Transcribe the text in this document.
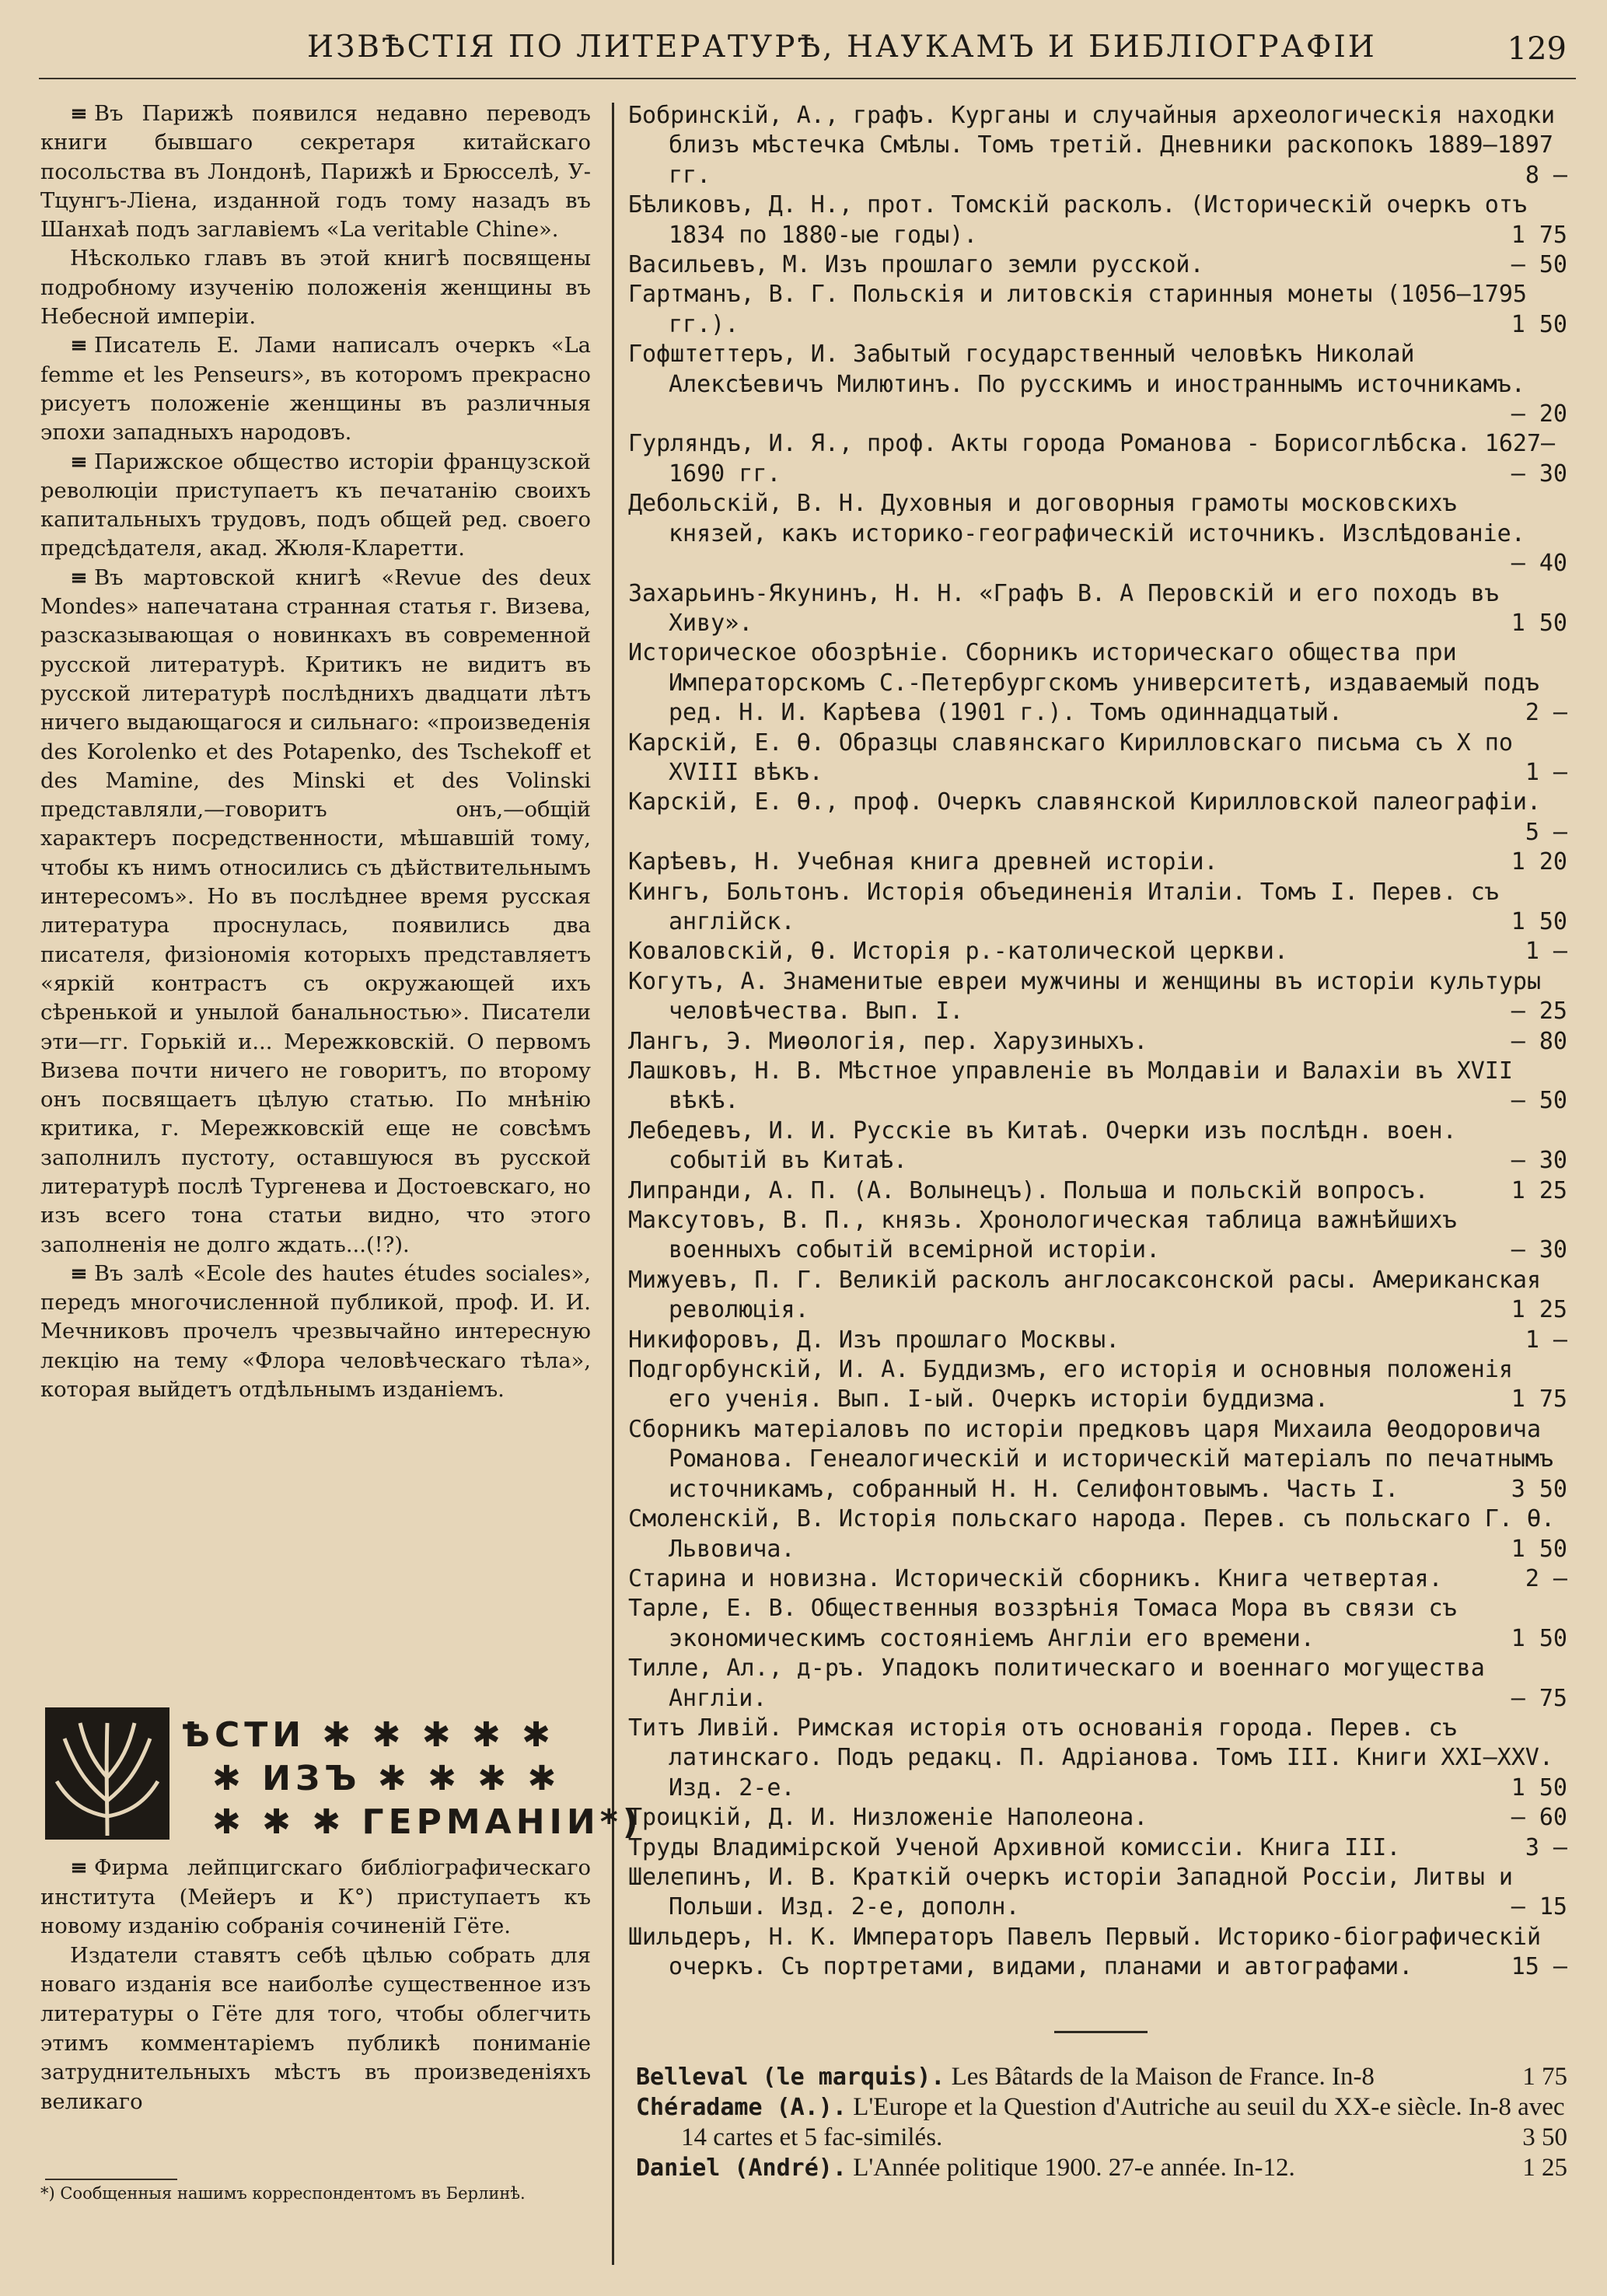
ИЗВѢСТІЯ ПО ЛИТЕРАТУРѢ, НАУКАМЪ И БИБЛІОГРАФІИ	129

≡ Въ Парижѣ появился недавно переводъ книги бывшаго секретаря китайскаго посольства въ Лондонѣ, Парижѣ и Брюсселѣ, У-Тцунгъ-Ліена, изданной годъ тому назадъ въ Шанхаѣ подъ заглавіемъ «La veritable Chine».

Нѣсколько главъ въ этой книгѣ посвящены подробному изученію положенія женщины въ Небесной имперіи.

≡ Писатель Е. Лами написалъ очеркъ «La femme et les Penseurs», въ которомъ прекрасно рисуетъ положеніе женщины въ различныя эпохи западныхъ народовъ.

≡ Парижское общество исторіи французской революціи приступаетъ къ печатанію своихъ капитальныхъ трудовъ, подъ общей ред. своего предсѣдателя, акад. Жюля-Кларетти.

≡ Въ мартовской книгѣ «Revue des deux Mondes» напечатана странная статья г. Визева, разсказывающая о новинкахъ въ современной русской литературѣ. Критикъ не видитъ въ русской литературѣ послѣднихъ двадцати лѣтъ ничего выдающагося и сильнаго: «произведенія des Korolenko et des Potapenko, des Tschekoff et des Mamine, des Minski et des Volinski представляли,—говоритъ онъ,—общій характеръ посредственности, мѣшавшій тому, чтобы къ нимъ относились съ дѣйствительнымъ интересомъ». Но въ послѣднее время русская литература проснулась, появились два писателя, физіономія которыхъ представляетъ «яркій контрастъ съ окружающей ихъ сѣренькой и унылой банальностью». Писатели эти—гг. Горькій и... Мережковскій. О первомъ Визева почти ничего не говоритъ, по второму онъ посвящаетъ цѣлую статью. По мнѣнію критика, г. Мережковскій еще не совсѣмъ заполнилъ пустоту, оставшуюся въ русской литературѣ послѣ Тургенева и Достоевскаго, но изъ всего тона статьи видно, что этого заполненія не долго ждать...(!?).

≡ Въ залѣ «Ecole des hautes études sociales», передъ многочисленной публикой, проф. И. И. Мечниковъ прочелъ чрезвычайно интересную лекцію на тему «Флора человѣческаго тѣла», которая выйдетъ отдѣльнымъ изданіемъ.

ѢСТИ ✱ ✱ ✱ ✱ ✱
✱ ИЗЪ ✱ ✱ ✱ ✱
✱ ✱ ✱ ГЕРМАНІИ*)

≡ Фирма лейпцигскаго библіографическаго института (Мейеръ и К°) приступаетъ къ новому изданію собранія сочиненій Гёте.

Издатели ставятъ себѣ цѣлью собрать для новаго изданія все наиболѣе существенное изъ литературы о Гёте для того, чтобы облегчить этимъ комментаріемъ публикѣ пониманіе затруднительныхъ мѣстъ въ произведеніяхъ великаго

*) Сообщенныя нашимъ корреспондентомъ въ Берлинѣ.
Бобринскій, А., графъ. Курганы и случайныя археологическія находки близъ мѣстечка Смѣлы. Томъ третій. Дневники раскопокъ 1889—1897 гг.	8 —
Бѣликовъ, Д. Н., прот. Томскій расколъ. (Историческій очеркъ отъ 1834 по 1880-ые годы).	1 75
Васильевъ, М. Изъ прошлаго земли русской.	— 50
Гартманъ, В. Г. Польскія и литовскія старинныя монеты (1056—1795 гг.).	1 50
Гофштеттеръ, И. Забытый государственный человѣкъ Николай Алексѣевичъ Милютинъ. По русскимъ и иностраннымъ источникамъ.
— 20
Гурляндъ, И. Я., проф. Акты города Романова - Борисоглѣбска. 1627—1690 гг.	— 30
Дебольскій, В. Н. Духовныя и договорныя грамоты московскихъ князей, какъ историко-географическій источникъ. Изслѣдованіе.
— 40
Захарьинъ-Якунинъ, Н. Н. «Графъ В. А Перовскій и его походъ въ Хиву».	1 50
Историческое обозрѣніе. Сборникъ историческаго общества при Императорскомъ С.-Петербургскомъ университетѣ, издаваемый подъ ред. Н. И. Карѣева (1901 г.). Томъ одиннадцатый.	2 —
Карскій, Е. Ѳ. Образцы славянскаго Кирилловскаго письма съ X по XVIII вѣкъ.	1 —
Карскій, Е. Ѳ., проф. Очеркъ славянской Кирилловской палеографіи.
5 —
Карѣевъ, Н. Учебная книга древней исторіи.	1 20
Кингъ, Больтонъ. Исторія объединенія Италіи. Томъ I. Перев. съ англійск.	1 50
Коваловскій, Ѳ. Исторія р.-католической церкви.	1 —
Когутъ, А. Знаменитые евреи мужчины и женщины въ исторіи культуры человѣчества. Вып. I.	— 25
Лангъ, Э. Миѳологія, пер. Харузиныхъ.	— 80
Лашковъ, Н. В. Мѣстное управленіе въ Молдавіи и Валахіи въ XVII вѣкѣ.	— 50
Лебедевъ, И. И. Русскіе въ Китаѣ. Очерки изъ послѣдн. воен. событій въ Китаѣ.	— 30
Липранди, А. П. (А. Волынецъ). Польша и польскій вопросъ.	1 25
Максутовъ, В. П., князь. Хронологическая таблица важнѣйшихъ военныхъ событій всемірной исторіи.	— 30
Мижуевъ, П. Г. Великій расколъ англосаксонской расы. Американская революція.	1 25
Никифоровъ, Д. Изъ прошлаго Москвы.	1 —
Подгорбунскій, И. А. Буддизмъ, его исторія и основныя положенія его ученія. Вып. I-ый. Очеркъ исторіи буддизма.	1 75
Сборникъ матеріаловъ по исторіи предковъ царя Михаила Ѳеодоровича Романова. Генеалогическій и историческій матеріалъ по печатнымъ источникамъ, собранный Н. Н. Селифонтовымъ. Часть I.	3 50
Смоленскій, В. Исторія польскаго народа. Перев. съ польскаго Г. Ѳ. Львовича.	1 50
Старина и новизна. Историческій сборникъ. Книга четвертая.	2 —
Тарле, Е. В. Общественныя воззрѣнія Томаса Мора въ связи съ экономическимъ состояніемъ Англіи его времени.	1 50
Тилле, Ал., д-ръ. Упадокъ политическаго и военнаго могущества Англіи.	— 75
Титъ Ливій. Римская исторія отъ основанія города. Перев. съ латинскаго. Подъ редакц. П. Адріанова. Томъ III. Книги XXI—XXV. Изд. 2-е.	1 50
Троицкій, Д. И. Низложеніе Наполеона.	— 60
Труды Владимірской Ученой Архивной комиссіи. Книга III.	3 —
Шелепинъ, И. В. Краткій очеркъ исторіи Западной Россіи, Литвы и Польши. Изд. 2-е, дополн.	— 15
Шильдеръ, Н. К. Императоръ Павелъ Первый. Историко-біографическій очеркъ. Съ портретами, видами, планами и автографами.	15 —
Belleval (le marquis). Les Bâtards de la Maison de France. In-8	1 75
Chéradame (A.). L'Europe et la Question d'Autriche au seuil du XX-e siècle. In-8 avec 14 cartes et 5 fac-similés.	3 50
Daniel (André). L'Année politique 1900. 27-e année. In-12.	1 25
